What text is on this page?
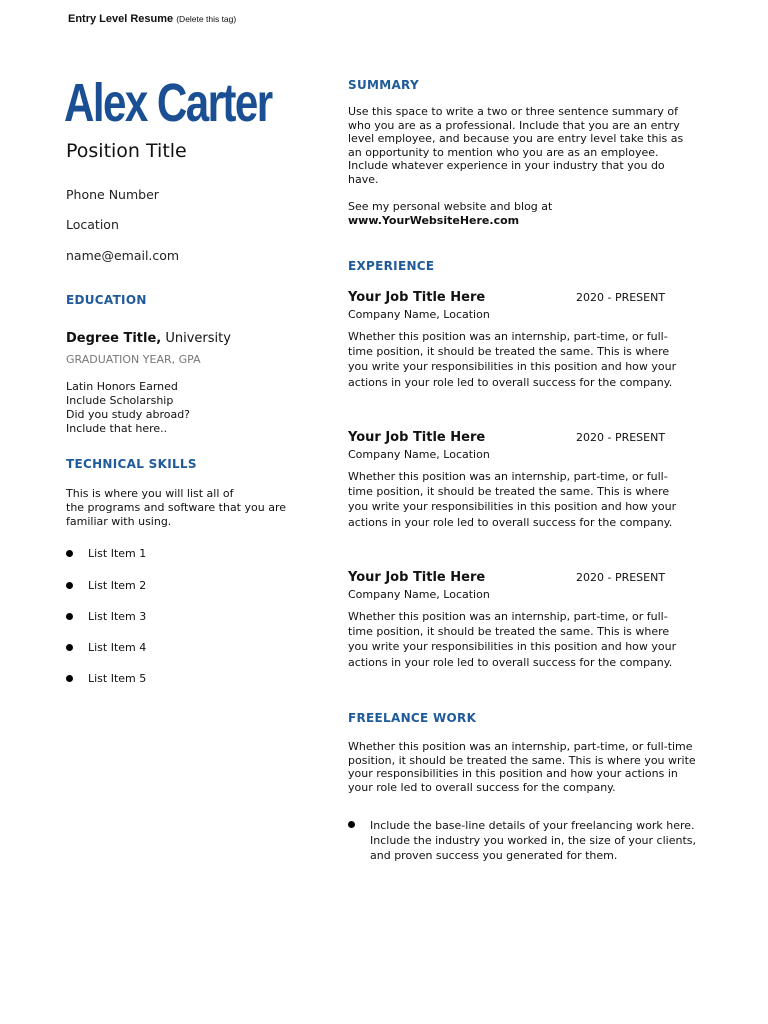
Entry Level Resume (Delete this tag)
Alex Carter
Position Title
Phone Number
Location
name@email.com
EDUCATION
Degree Title, University
GRADUATION YEAR, GPA
Latin Honors Earned
Include Scholarship
Did you study abroad?
Include that here..
TECHNICAL SKILLS
This is where you will list all of
the programs and software that you are familiar with using.
List Item 1
List Item 2
List Item 3
List Item 4
List Item 5
SUMMARY
Use this space to write a two or three sentence summary of who you are as a professional. Include that you are an entry level employee, and because you are entry level take this as an opportunity to mention who you are as an employee. Include whatever experience in your industry that you do have.
See my personal website and blog at
www.YourWebsiteHere.com
EXPERIENCE
Your Job Title Here	2020 - PRESENT
Company Name, Location
Whether this position was an internship, part-time, or full-time position, it should be treated the same. This is where you write your responsibilities in this position and how your actions in your role led to overall success for the company.
Your Job Title Here	2020 - PRESENT
Company Name, Location
Whether this position was an internship, part-time, or full-time position, it should be treated the same. This is where you write your responsibilities in this position and how your actions in your role led to overall success for the company.
Your Job Title Here	2020 - PRESENT
Company Name, Location
Whether this position was an internship, part-time, or full-time position, it should be treated the same. This is where you write your responsibilities in this position and how your actions in your role led to overall success for the company.
FREELANCE WORK
Whether this position was an internship, part-time, or full-time position, it should be treated the same. This is where you write your responsibilities in this position and how your actions in your role led to overall success for the company.
Include the base-line details of your freelancing work here. Include the industry you worked in, the size of your clients, and proven success you generated for them.
